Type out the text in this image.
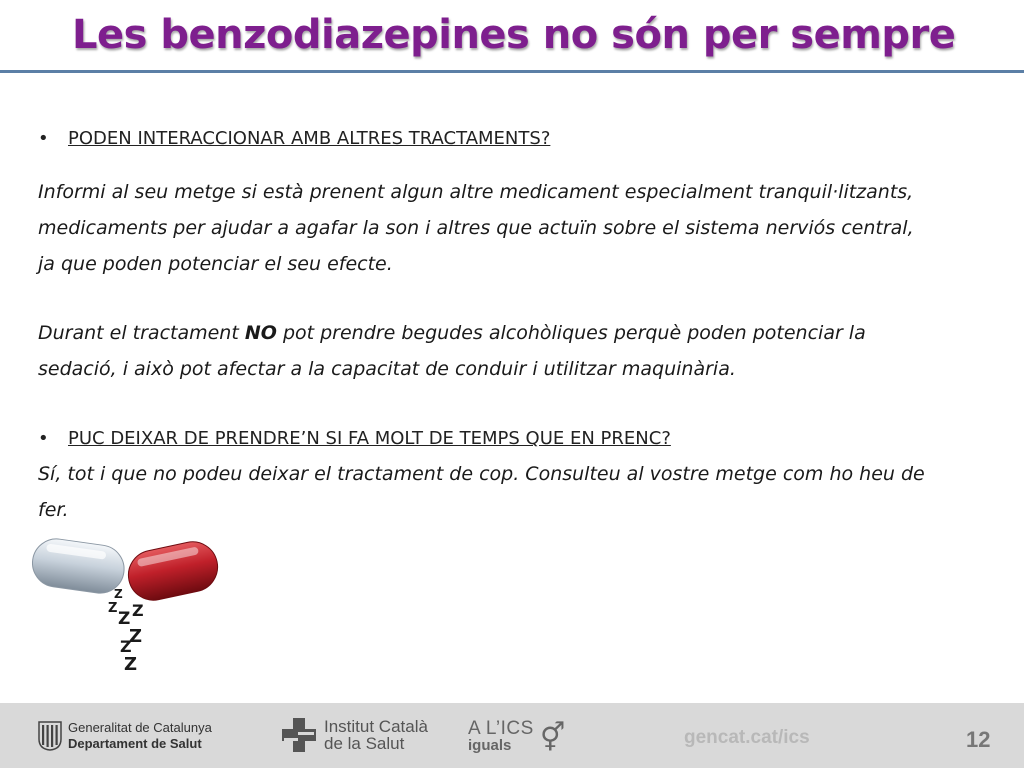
Les benzodiazepines no són per sempre
•	PODEN INTERACCIONAR AMB ALTRES TRACTAMENTS?
Informi al seu metge si està prenent algun altre medicament especialment tranquil·litzants,
medicaments per ajudar a agafar la son i altres que actuïn sobre el sistema nerviós central,
ja que poden potenciar el seu efecte.
Durant el tractament NO pot prendre begudes alcohòliques perquè poden potenciar la
sedació, i això pot afectar a la capacitat de conduir i utilitzar maquinària.
•	PUC DEIXAR DE PRENDRE’N SI FA MOLT DE TEMPS QUE EN PRENC?
Sí, tot i que no podeu deixar el tractament de cop. Consulteu al vostre metge com ho heu de
fer.
Z
Z
Z Z
Z
Z
Z
Generalitat de Catalunya
Departament de Salut
Institut Català
de la Salut
A L’ICS
iguals	⚥	gencat.cat/ics	12
